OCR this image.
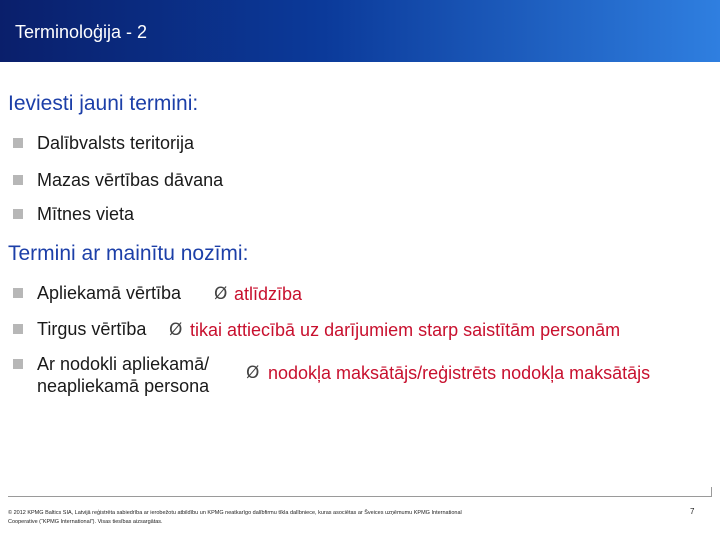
Terminoloģija - 2
Ieviesti jauni termini:
Dalībvalsts teritorija
Mazas vērtības dāvana
Mītnes vieta
Termini ar mainītu nozīmi:
Apliekamā vērtība Ø atlīdzība
Tirgus vērtība Ø tikai attiecībā uz darījumiem starp saistītām personām
Ar nodokli apliekamā/
neapliekamā persona
Ø nodokļa maksātājs/reģistrēts nodokļa maksātājs
© 2012 KPMG Baltics SIA, Latvijā reģistrēta sabiedrība ar ierobežotu atbildību un KPMG neatkarīgo dalībfirmu tīkla dalībniece, kuras asociētas ar Šveices uzņēmumu KPMG International Cooperative (“KPMG International”). Visas tiesības aizsargātas.
7
